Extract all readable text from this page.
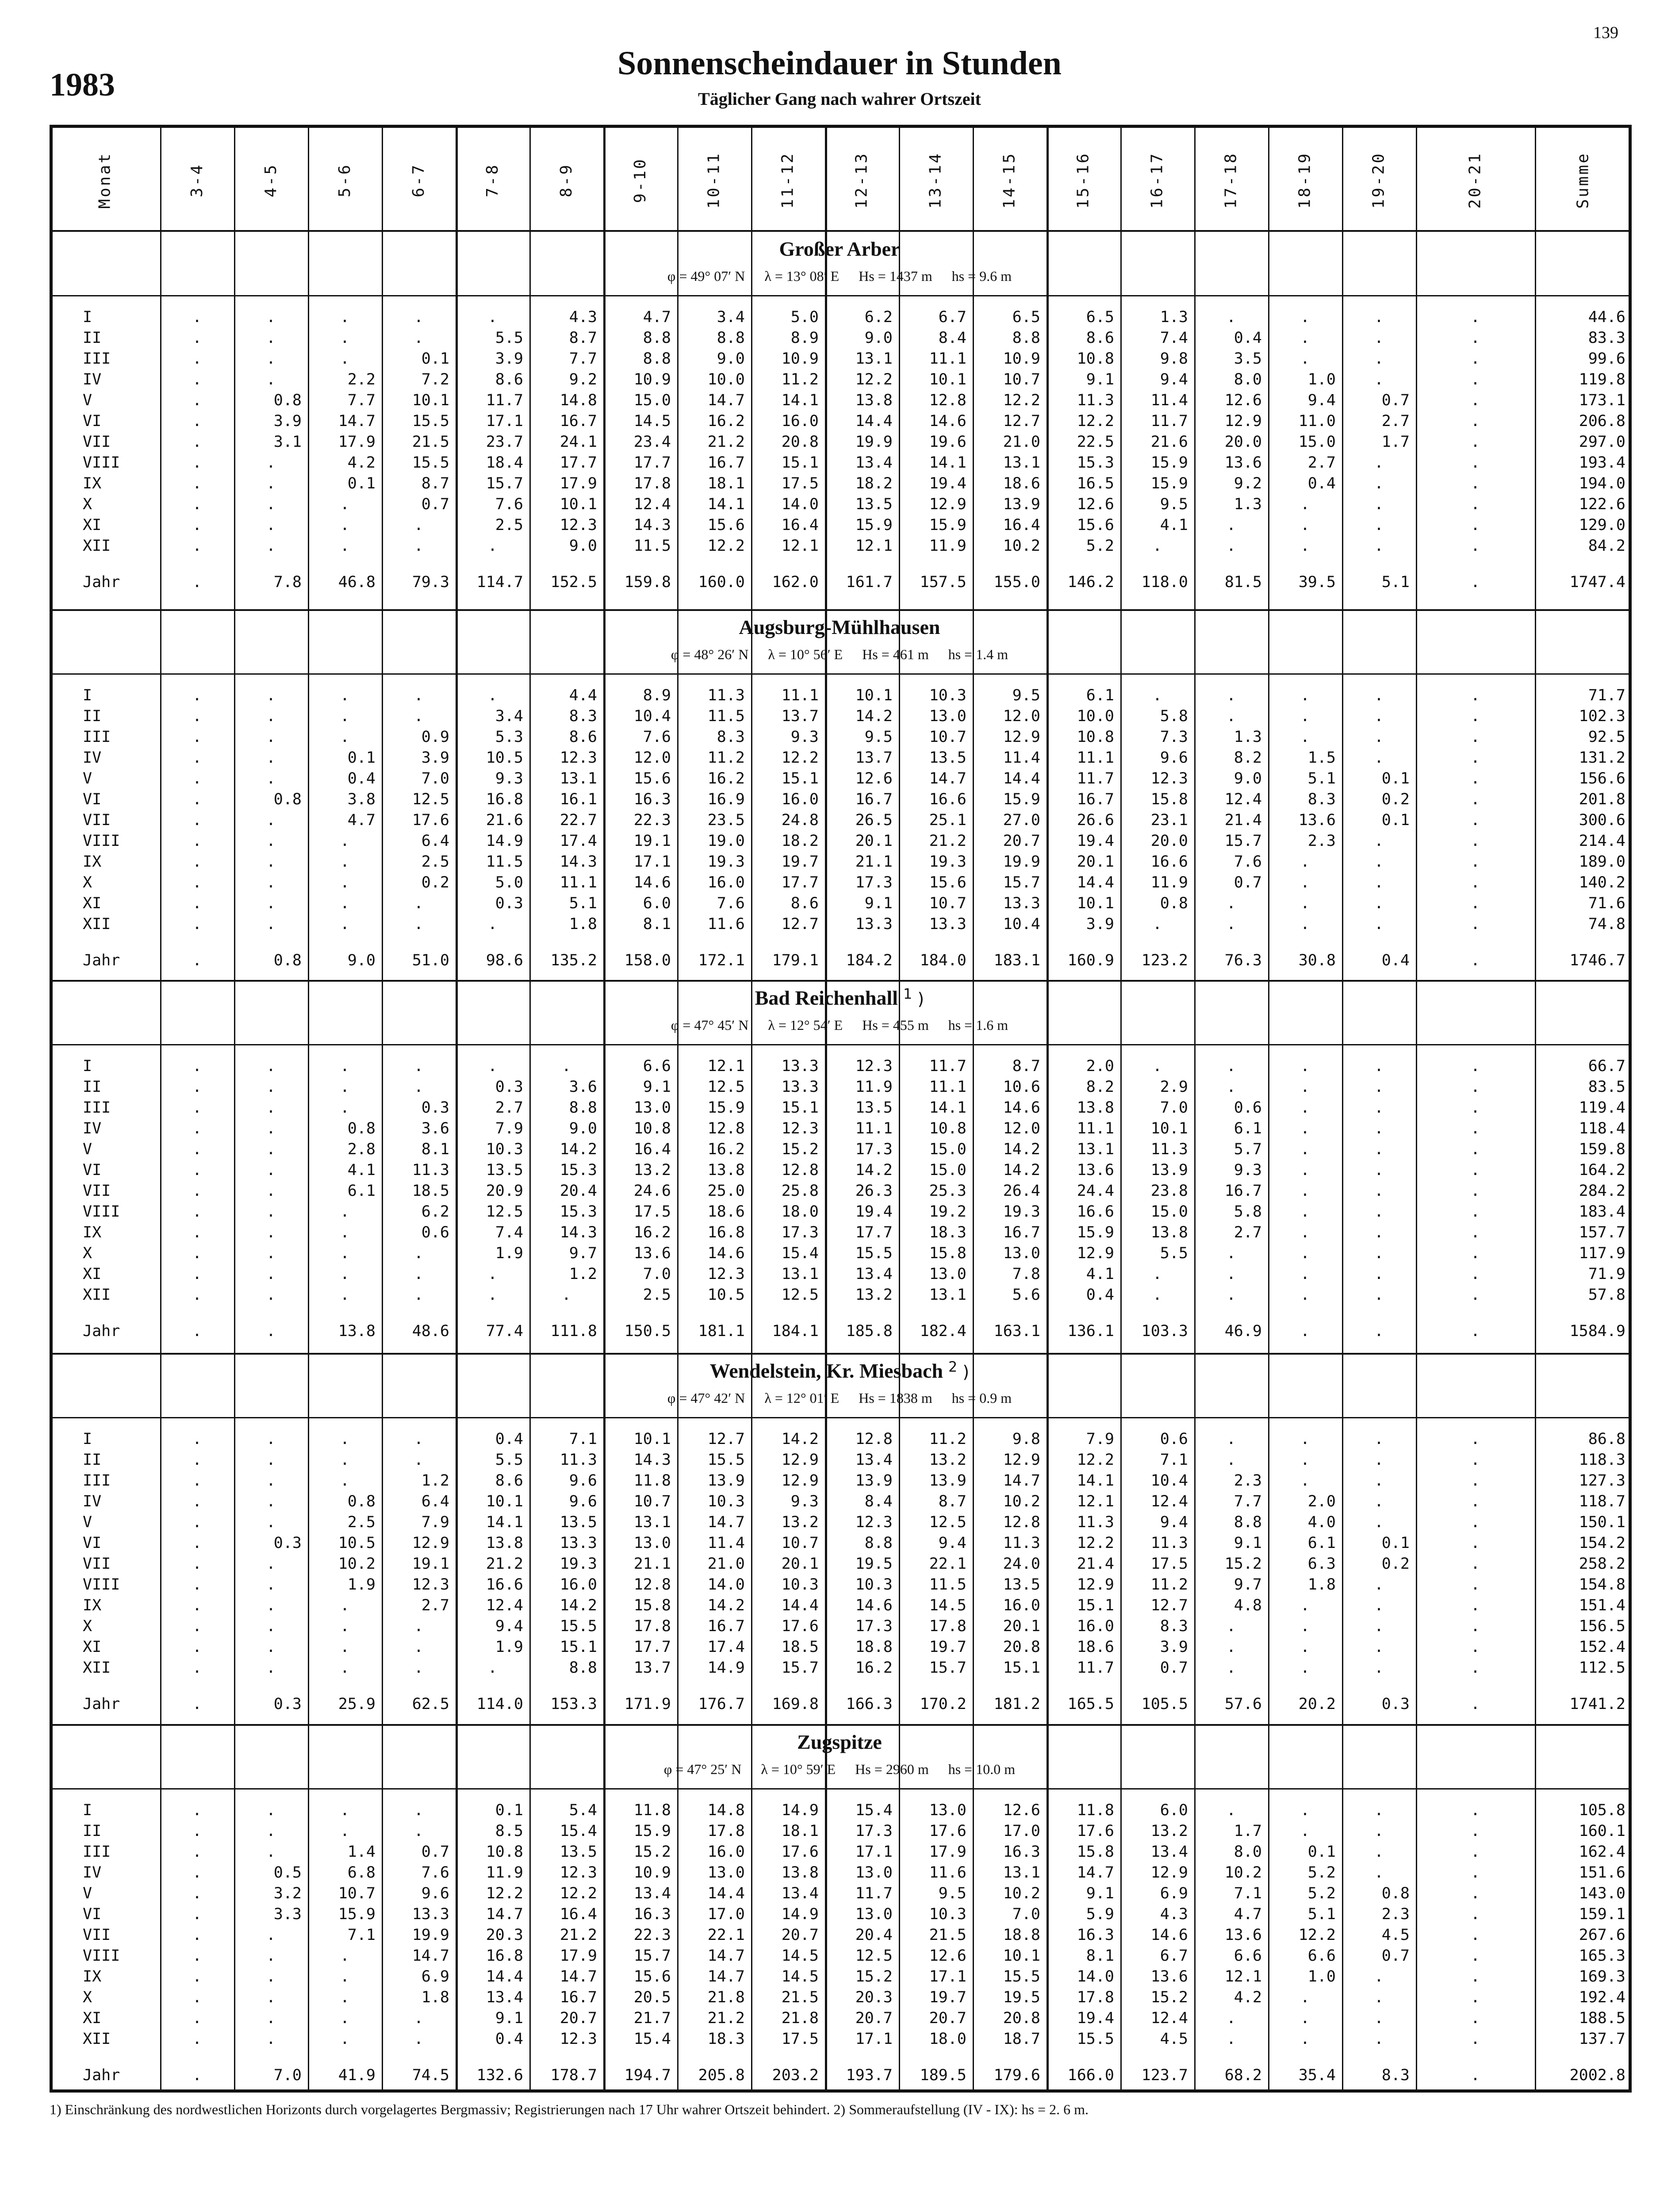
139
1983
Sonnenscheindauer in Stunden
Täglicher Gang nach wahrer Ortszeit
Monat	3-4	4-5	5-6	6-7	7-8	8-9	9-10	10-11	11-12	12-13	13-14	14-15	15-16	16-17	17-18	18-19	19-20	20-21	Summe
Großer Arber
φ = 49° 07′ N λ = 13° 08′ E Hs = 1437 m hs = 9.6 m
I	.	.	.	.	.	4.3	4.7	3.4	5.0	6.2	6.7	6.5	6.5	1.3	.	.	.	.	44.6
II	.	.	.	.	5.5	8.7	8.8	8.8	8.9	9.0	8.4	8.8	8.6	7.4	0.4	.	.	.	83.3
III	.	.	.	0.1	3.9	7.7	8.8	9.0	10.9	13.1	11.1	10.9	10.8	9.8	3.5	.	.	.	99.6
IV	.	.	2.2	7.2	8.6	9.2	10.9	10.0	11.2	12.2	10.1	10.7	9.1	9.4	8.0	1.0	.	.	119.8
V	.	0.8	7.7	10.1	11.7	14.8	15.0	14.7	14.1	13.8	12.8	12.2	11.3	11.4	12.6	9.4	0.7	.	173.1
VI	.	3.9	14.7	15.5	17.1	16.7	14.5	16.2	16.0	14.4	14.6	12.7	12.2	11.7	12.9	11.0	2.7	.	206.8
VII	.	3.1	17.9	21.5	23.7	24.1	23.4	21.2	20.8	19.9	19.6	21.0	22.5	21.6	20.0	15.0	1.7	.	297.0
VIII	.	.	4.2	15.5	18.4	17.7	17.7	16.7	15.1	13.4	14.1	13.1	15.3	15.9	13.6	2.7	.	.	193.4
IX	.	.	0.1	8.7	15.7	17.9	17.8	18.1	17.5	18.2	19.4	18.6	16.5	15.9	9.2	0.4	.	.	194.0
X	.	.	.	0.7	7.6	10.1	12.4	14.1	14.0	13.5	12.9	13.9	12.6	9.5	1.3	.	.	.	122.6
XI	.	.	.	.	2.5	12.3	14.3	15.6	16.4	15.9	15.9	16.4	15.6	4.1	.	.	.	.	129.0
XII	.	.	.	.	.	9.0	11.5	12.2	12.1	12.1	11.9	10.2	5.2	.	.	.	.	.	84.2
Jahr	.	7.8	46.8	79.3	114.7	152.5	159.8	160.0	162.0	161.7	157.5	155.0	146.2	118.0	81.5	39.5	5.1	.	1747.4
Augsburg-Mühlhausen
φ = 48° 26′ N λ = 10° 56′ E Hs = 461 m hs = 1.4 m
I	.	.	.	.	.	4.4	8.9	11.3	11.1	10.1	10.3	9.5	6.1	.	.	.	.	.	71.7
II	.	.	.	.	3.4	8.3	10.4	11.5	13.7	14.2	13.0	12.0	10.0	5.8	.	.	.	.	102.3
III	.	.	.	0.9	5.3	8.6	7.6	8.3	9.3	9.5	10.7	12.9	10.8	7.3	1.3	.	.	.	92.5
IV	.	.	0.1	3.9	10.5	12.3	12.0	11.2	12.2	13.7	13.5	11.4	11.1	9.6	8.2	1.5	.	.	131.2
V	.	.	0.4	7.0	9.3	13.1	15.6	16.2	15.1	12.6	14.7	14.4	11.7	12.3	9.0	5.1	0.1	.	156.6
VI	.	0.8	3.8	12.5	16.8	16.1	16.3	16.9	16.0	16.7	16.6	15.9	16.7	15.8	12.4	8.3	0.2	.	201.8
VII	.	.	4.7	17.6	21.6	22.7	22.3	23.5	24.8	26.5	25.1	27.0	26.6	23.1	21.4	13.6	0.1	.	300.6
VIII	.	.	.	6.4	14.9	17.4	19.1	19.0	18.2	20.1	21.2	20.7	19.4	20.0	15.7	2.3	.	.	214.4
IX	.	.	.	2.5	11.5	14.3	17.1	19.3	19.7	21.1	19.3	19.9	20.1	16.6	7.6	.	.	.	189.0
X	.	.	.	0.2	5.0	11.1	14.6	16.0	17.7	17.3	15.6	15.7	14.4	11.9	0.7	.	.	.	140.2
XI	.	.	.	.	0.3	5.1	6.0	7.6	8.6	9.1	10.7	13.3	10.1	0.8	.	.	.	.	71.6
XII	.	.	.	.	.	1.8	8.1	11.6	12.7	13.3	13.3	10.4	3.9	.	.	.	.	.	74.8
Jahr	.	0.8	9.0	51.0	98.6	135.2	158.0	172.1	179.1	184.2	184.0	183.1	160.9	123.2	76.3	30.8	0.4	.	1746.7
Bad Reichenhall $^1$ )
φ = 47° 45′ N λ = 12° 54′ E Hs = 455 m hs = 1.6 m
I	.	.	.	.	.	.	6.6	12.1	13.3	12.3	11.7	8.7	2.0	.	.	.	.	.	66.7
II	.	.	.	.	0.3	3.6	9.1	12.5	13.3	11.9	11.1	10.6	8.2	2.9	.	.	.	.	83.5
III	.	.	.	0.3	2.7	8.8	13.0	15.9	15.1	13.5	14.1	14.6	13.8	7.0	0.6	.	.	.	119.4
IV	.	.	0.8	3.6	7.9	9.0	10.8	12.8	12.3	11.1	10.8	12.0	11.1	10.1	6.1	.	.	.	118.4
V	.	.	2.8	8.1	10.3	14.2	16.4	16.2	15.2	17.3	15.0	14.2	13.1	11.3	5.7	.	.	.	159.8
VI	.	.	4.1	11.3	13.5	15.3	13.2	13.8	12.8	14.2	15.0	14.2	13.6	13.9	9.3	.	.	.	164.2
VII	.	.	6.1	18.5	20.9	20.4	24.6	25.0	25.8	26.3	25.3	26.4	24.4	23.8	16.7	.	.	.	284.2
VIII	.	.	.	6.2	12.5	15.3	17.5	18.6	18.0	19.4	19.2	19.3	16.6	15.0	5.8	.	.	.	183.4
IX	.	.	.	0.6	7.4	14.3	16.2	16.8	17.3	17.7	18.3	16.7	15.9	13.8	2.7	.	.	.	157.7
X	.	.	.	.	1.9	9.7	13.6	14.6	15.4	15.5	15.8	13.0	12.9	5.5	.	.	.	.	117.9
XI	.	.	.	.	.	1.2	7.0	12.3	13.1	13.4	13.0	7.8	4.1	.	.	.	.	.	71.9
XII	.	.	.	.	.	.	2.5	10.5	12.5	13.2	13.1	5.6	0.4	.	.	.	.	.	57.8
Jahr	.	.	13.8	48.6	77.4	111.8	150.5	181.1	184.1	185.8	182.4	163.1	136.1	103.3	46.9	.	.	.	1584.9
Wendelstein, Kr. Miesbach $^2$ )
φ = 47° 42′ N λ = 12° 01′ E Hs = 1838 m hs = 0.9 m
I	.	.	.	.	0.4	7.1	10.1	12.7	14.2	12.8	11.2	9.8	7.9	0.6	.	.	.	.	86.8
II	.	.	.	.	5.5	11.3	14.3	15.5	12.9	13.4	13.2	12.9	12.2	7.1	.	.	.	.	118.3
III	.	.	.	1.2	8.6	9.6	11.8	13.9	12.9	13.9	13.9	14.7	14.1	10.4	2.3	.	.	.	127.3
IV	.	.	0.8	6.4	10.1	9.6	10.7	10.3	9.3	8.4	8.7	10.2	12.1	12.4	7.7	2.0	.	.	118.7
V	.	.	2.5	7.9	14.1	13.5	13.1	14.7	13.2	12.3	12.5	12.8	11.3	9.4	8.8	4.0	.	.	150.1
VI	.	0.3	10.5	12.9	13.8	13.3	13.0	11.4	10.7	8.8	9.4	11.3	12.2	11.3	9.1	6.1	0.1	.	154.2
VII	.	.	10.2	19.1	21.2	19.3	21.1	21.0	20.1	19.5	22.1	24.0	21.4	17.5	15.2	6.3	0.2	.	258.2
VIII	.	.	1.9	12.3	16.6	16.0	12.8	14.0	10.3	10.3	11.5	13.5	12.9	11.2	9.7	1.8	.	.	154.8
IX	.	.	.	2.7	12.4	14.2	15.8	14.2	14.4	14.6	14.5	16.0	15.1	12.7	4.8	.	.	.	151.4
X	.	.	.	.	9.4	15.5	17.8	16.7	17.6	17.3	17.8	20.1	16.0	8.3	.	.	.	.	156.5
XI	.	.	.	.	1.9	15.1	17.7	17.4	18.5	18.8	19.7	20.8	18.6	3.9	.	.	.	.	152.4
XII	.	.	.	.	.	8.8	13.7	14.9	15.7	16.2	15.7	15.1	11.7	0.7	.	.	.	.	112.5
Jahr	.	0.3	25.9	62.5	114.0	153.3	171.9	176.7	169.8	166.3	170.2	181.2	165.5	105.5	57.6	20.2	0.3	.	1741.2
Zugspitze
φ = 47° 25′ N λ = 10° 59′ E Hs = 2960 m hs = 10.0 m
I	.	.	.	.	0.1	5.4	11.8	14.8	14.9	15.4	13.0	12.6	11.8	6.0	.	.	.	.	105.8
II	.	.	.	.	8.5	15.4	15.9	17.8	18.1	17.3	17.6	17.0	17.6	13.2	1.7	.	.	.	160.1
III	.	.	1.4	0.7	10.8	13.5	15.2	16.0	17.6	17.1	17.9	16.3	15.8	13.4	8.0	0.1	.	.	162.4
IV	.	0.5	6.8	7.6	11.9	12.3	10.9	13.0	13.8	13.0	11.6	13.1	14.7	12.9	10.2	5.2	.	.	151.6
V	.	3.2	10.7	9.6	12.2	12.2	13.4	14.4	13.4	11.7	9.5	10.2	9.1	6.9	7.1	5.2	0.8	.	143.0
VI	.	3.3	15.9	13.3	14.7	16.4	16.3	17.0	14.9	13.0	10.3	7.0	5.9	4.3	4.7	5.1	2.3	.	159.1
VII	.	.	7.1	19.9	20.3	21.2	22.3	22.1	20.7	20.4	21.5	18.8	16.3	14.6	13.6	12.2	4.5	.	267.6
VIII	.	.	.	14.7	16.8	17.9	15.7	14.7	14.5	12.5	12.6	10.1	8.1	6.7	6.6	6.6	0.7	.	165.3
IX	.	.	.	6.9	14.4	14.7	15.6	14.7	14.5	15.2	17.1	15.5	14.0	13.6	12.1	1.0	.	.	169.3
X	.	.	.	1.8	13.4	16.7	20.5	21.8	21.5	20.3	19.7	19.5	17.8	15.2	4.2	.	.	.	192.4
XI	.	.	.	.	9.1	20.7	21.7	21.2	21.8	20.7	20.7	20.8	19.4	12.4	.	.	.	.	188.5
XII	.	.	.	.	0.4	12.3	15.4	18.3	17.5	17.1	18.0	18.7	15.5	4.5	.	.	.	.	137.7
Jahr	.	7.0	41.9	74.5	132.6	178.7	194.7	205.8	203.2	193.7	189.5	179.6	166.0	123.7	68.2	35.4	8.3	.	2002.8
1) Einschränkung des nordwestlichen Horizonts durch vorgelagertes Bergmassiv; Registrierungen nach 17 Uhr wahrer Ortszeit behindert. 2) Sommeraufstellung (IV - IX): hs = 2. 6 m.
